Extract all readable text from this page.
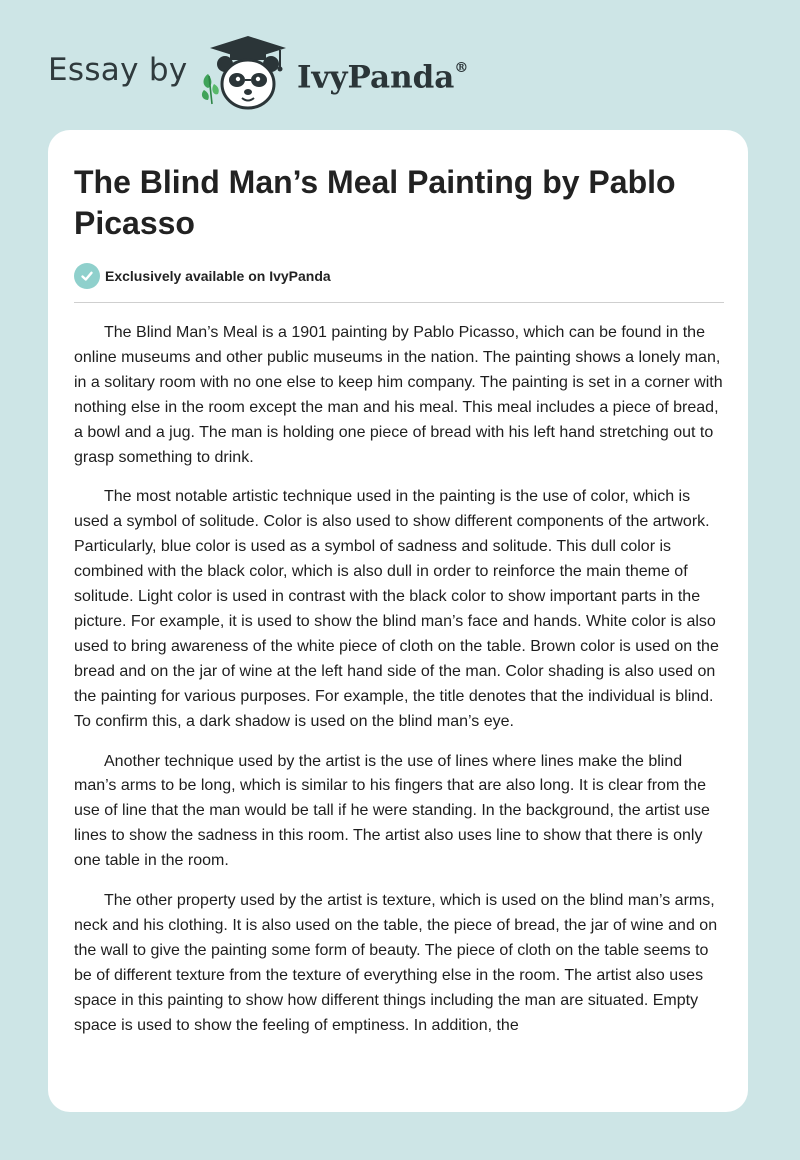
Essay by	IvyPanda®
The Blind Man’s Meal Painting by Pablo Picasso
Exclusively available on IvyPanda

The Blind Man’s Meal is a 1901 painting by Pablo Picasso, which can be found in the online museums and other public museums in the nation. The painting shows a lonely man, in a solitary room with no one else to keep him company. The painting is set in a corner with nothing else in the room except the man and his meal. This meal includes a piece of bread, a bowl and a jug. The man is holding one piece of bread with his left hand stretching out to grasp something to drink.

The most notable artistic technique used in the painting is the use of color, which is used a symbol of solitude. Color is also used to show different components of the artwork. Particularly, blue color is used as a symbol of sadness and solitude. This dull color is combined with the black color, which is also dull in order to reinforce the main theme of solitude. Light color is used in contrast with the black color to show important parts in the picture. For example, it is used to show the blind man’s face and hands. White color is also used to bring awareness of the white piece of cloth on the table. Brown color is used on the bread and on the jar of wine at the left hand side of the man. Color shading is also used on the painting for various purposes. For example, the title denotes that the individual is blind. To confirm this, a dark shadow is used on the blind man’s eye.

Another technique used by the artist is the use of lines where lines make the blind man’s arms to be long, which is similar to his fingers that are also long. It is clear from the use of line that the man would be tall if he were standing. In the background, the artist use lines to show the sadness in this room. The artist also uses line to show that there is only one table in the room.

The other property used by the artist is texture, which is used on the blind man’s arms, neck and his clothing. It is also used on the table, the piece of bread, the jar of wine and on the wall to give the painting some form of beauty. The piece of cloth on the table seems to be of different texture from the texture of everything else in the room. The artist also uses space in this painting to show how different things including the man are situated. Empty space is used to show the feeling of emptiness. In addition, the
